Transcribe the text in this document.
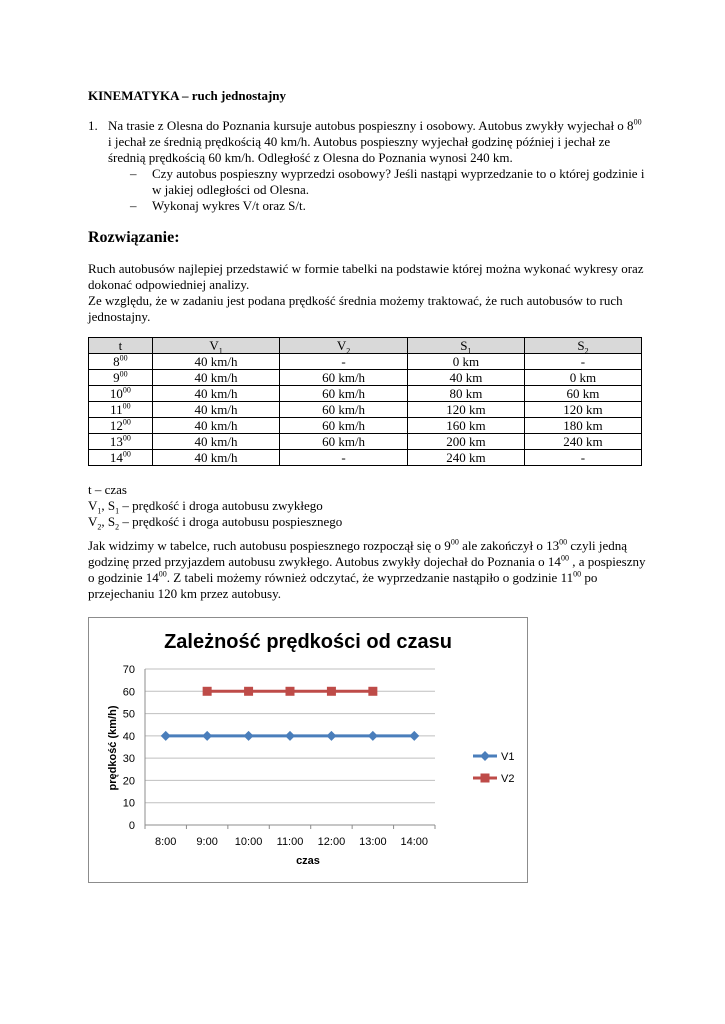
KINEMATYKA – ruch jednostajny
1. Na trasie z Olesna do Poznania kursuje autobus pospieszny i osobowy. Autobus zwykły wyjechał o $8^{00}$ i jechał ze średnią prędkością 40 km/h. Autobus pospieszny wyjechał godzinę później i jechał ze średnią prędkością 60 km/h. Odległość z Olesna do Poznania wynosi 240 km.
– Czy autobus pospieszny wyprzedzi osobowy? Jeśli nastąpi wyprzedzanie to o której godzinie i w jakiej odległości od Olesna.
– Wykonaj wykres V/t oraz S/t.
Rozwiązanie:
Ruch autobusów najlepiej przedstawić w formie tabelki na podstawie której można wykonać wykresy oraz dokonać odpowiedniej analizy.
Ze względu, że w zadaniu jest podana prędkość średnia możemy traktować, że ruch autobusów to ruch jednostajny.
t	$V_1$	$V_2$	$S_1$	$S_2$
$8^{00}$	40 km/h	-	0 km	-
$9^{00}$	40 km/h	60 km/h	40 km	0 km
$10^{00}$	40 km/h	60 km/h	80 km	60 km
$11^{00}$	40 km/h	60 km/h	120 km	120 km
$12^{00}$	40 km/h	60 km/h	160 km	180 km
$13^{00}$	40 km/h	60 km/h	200 km	240 km
$14^{00}$	40 km/h	-	240 km	-
t – czas
$V_1$, $S_1$ – prędkość i droga autobusu zwykłego
$V_2$, $S_2$ – prędkość i droga autobusu pospiesznego
Jak widzimy w tabelce, ruch autobusu pospiesznego rozpoczął się o $9^{00}$ ale zakończył o $13^{00}$ czyli jedną godzinę przed przyjazdem autobusu zwykłego. Autobus zwykły dojechał do Poznania o $14^{00}$ , a pospieszny o godzinie $14^{00}$. Z tabeli możemy również odczytać, że wyprzedzanie nastąpiło o godzinie $11^{00}$ po przejechaniu 120 km przez autobusy.
Zależność prędkości od czasu
czas
prędkość (km/h)
0
10
20
30
40
50
60
70
8:00 9:00 10:00 11:00 12:00 13:00 14:00
V1
V2
